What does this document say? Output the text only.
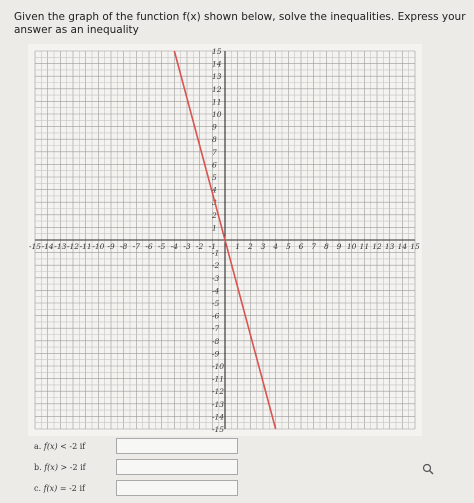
Given the graph of the function f(x) shown below, solve the inequalities. Express your answer as an inequality
-15 -14 -13 -12 -11 -10 -9 -8 -7 -6 -5 -4 -3 -2 -1	1 2 3 4 5 6 7 8 9 10 11 12 13 14 15
15
14
13
12
11
10
9
8
7
6
5
4
3
2
1
-1
-2
-3
-4
-5
-6
-7
-8
-9
-10
-11
-12
-13
-14
-15
a. f(x) < -2 if
b. f(x) > -2 if
c. f(x) = -2 if
